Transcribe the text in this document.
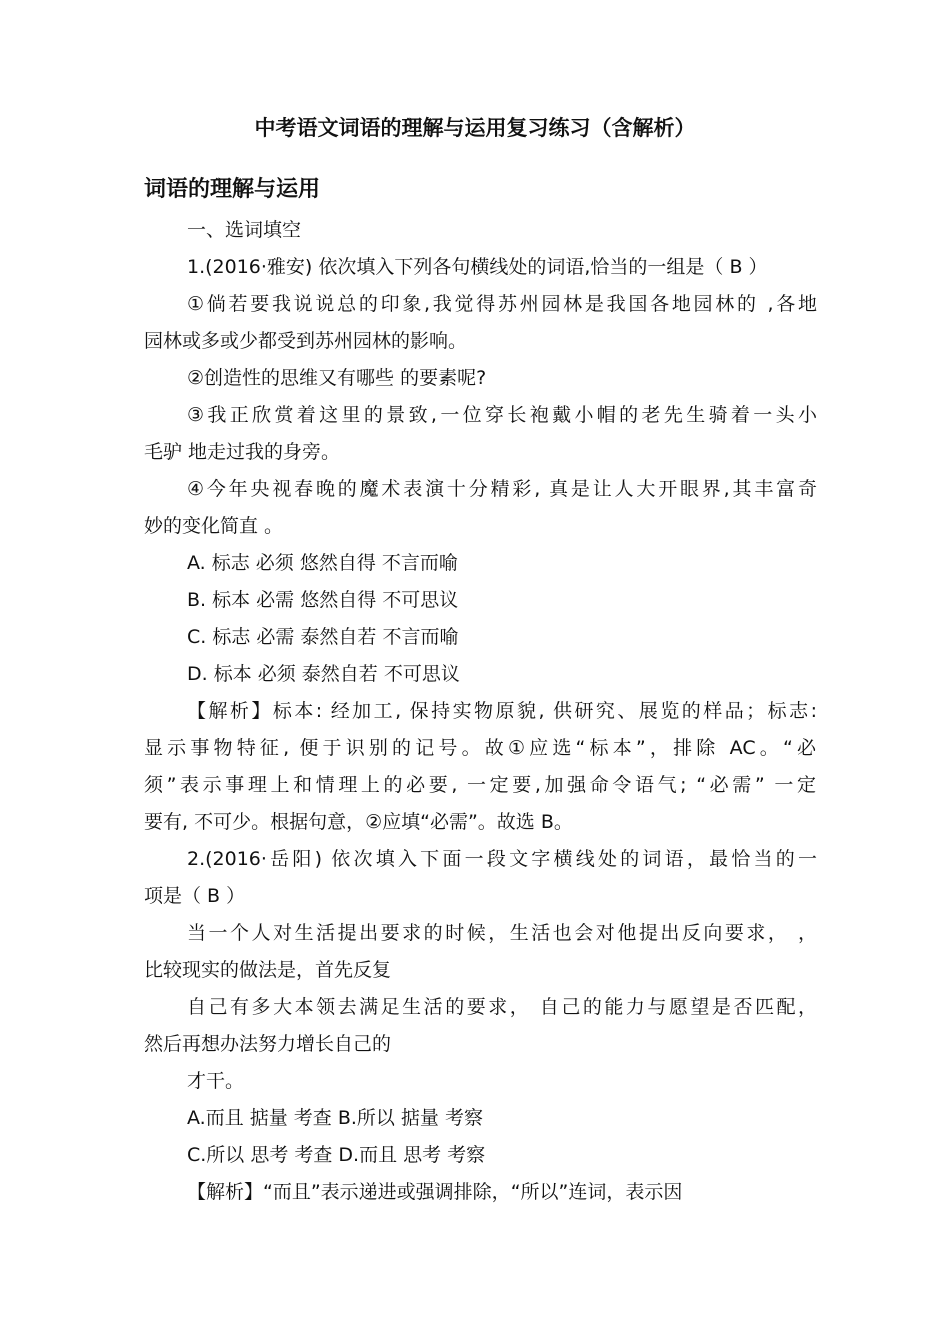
中考语文词语的理解与运用复习练习（含解析）
词语的理解与运用
一、选词填空
1.(2016·雅安) 依次填入下列各句横线处的词语,恰当的一组是（ B ）
①倘若要我说说总的印象,我觉得苏州园林是我国各地园林的 ,各地
园林或多或少都受到苏州园林的影响。
②创造性的思维又有哪些 的要素呢?
③我正欣赏着这里的景致,一位穿长袍戴小帽的老先生骑着一头小
毛驴 地走过我的身旁。
④今年央视春晚的魔术表演十分精彩, 真是让人大开眼界,其丰富奇
妙的变化简直 。
A. 标志 必须 悠然自得 不言而喻
B. 标本 必需 悠然自得 不可思议
C. 标志 必需 泰然自若 不言而喻
D. 标本 必须 泰然自若 不可思议
【解析】标本: 经加工, 保持实物原貌, 供研究、展览的样品；标志:
显示事物特征, 便于识别的记号。故①应选“标本”，排除 AC。“必
须”表示事理上和情理上的必要, 一定要,加强命令语气; “必需” 一定
要有, 不可少。根据句意，②应填“必需”。故选 B。
2.(2016·岳阳) 依次填入下面一段文字横线处的词语，最恰当的一
项是（ B ）
当一个人对生活提出要求的时候，生活也会对他提出反向要求， ，
比较现实的做法是，首先反复
自己有多大本领去满足生活的要求， 自己的能力与愿望是否匹配，
然后再想办法努力增长自己的
才干。
A.而且 掂量 考查 B.所以 掂量 考察
C.所以 思考 考查 D.而且 思考 考察
【解析】“而且”表示递进或强调排除，“所以”连词，表示因
